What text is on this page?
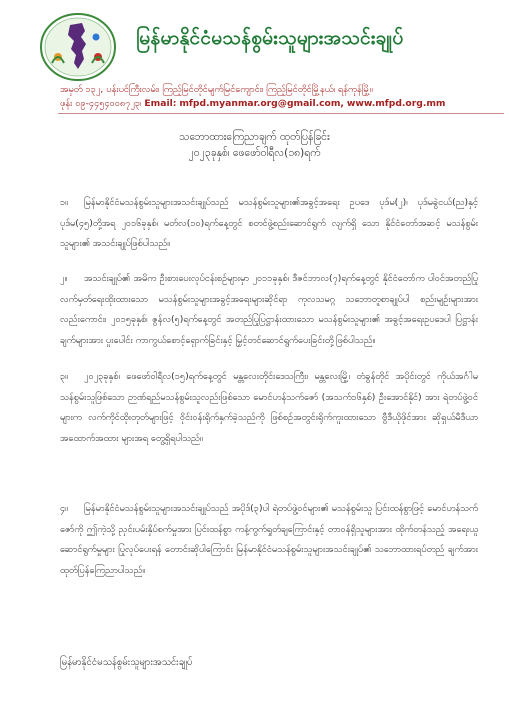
မြန်မာနိုင်ငံမသန်စွမ်းသူများအသင်းချုပ်
အမှတ် ၁၃၂, ပန်းပင်ကြီးလမ်း၊ ကြည့်မြင်တိုင်မျက်မြင်ကျောင်း၊ ကြည့်မြင်တိုင်မြို့နယ်၊ ရန်ကုန်မြို့။
ဖုန်း ၀၉-၄၄၅၄၀၀၈၇၂၃၊ Email: mfpd.myanmar.org@gmail.com, www.mfpd.org.mm
သဘောထားကြေညာချက် ထုတ်ပြန်ခြင်း
၂၀၂၃ခုနှစ်၊ ဖေဖော်ဝါရီလ(၁၈)ရက်
၁။ မြန်မာနိုင်ငံမသန်စွမ်းသူများအသင်းချုပ်သည် မသန်စွမ်းသူများ၏အခွင့်အရေး ဥပဒေ ပုဒ်မ(၂)၊ ပုဒ်မခွဲငယ်(ည)နှင့် ပုဒ်မ(၄၅)တို့အရ ၂၀၁၆ခုနှစ်၊ မတ်လ(၁၀)ရက်နေ့တွင် စတင်ဖွဲ့စည်းဆောင်ရွက် လျက်ရှိ သော နိုင်ငံတော်အဆင့် မသန်စွမ်းသူများ၏ အသင်းချုပ်ဖြစ်ပါသည်။
၂။ အသင်းချုပ်၏ အမိက ဦးစားပေးလုပ်ငန်းစဉ်များမှာ ၂၀၁၁ခုနှစ်၊ ဒီဇင်ဘာလ(၇)ရက်နေ့တွင် နိုင်ငံတော်က ပါဝင်အတည်ပြုလက်မှတ်ရေးထိုးထားသော မသန်စွမ်းသူများအခွင့်အရေးများဆိုင်ရာ ကုလသမဂ္ဂ သဘောတူစာချုပ်ပါ စည်းမျဉ်းများအားလည်းကောင်း၊ ၂၀၁၅ခုနှစ်၊ ဇွန်လ(၅)ရက်နေ့တွင် အတည်ပြုပြဋ္ဌာန်းထားသော မသန်စွမ်းသူများ၏ အခွင့်အရေးဥပဒေပါ ပြဋ္ဌာန်းချက်များအား ပူးပေါင်း ကာကွယ်စောင့်ရှောက်ခြင်းနှင့် မြှင့်တင်ဆောင်ရွက်ပေးခြင်းတို့ဖြစ်ပါသည်။
၃။ ၂၀၂၃ခုနှစ်၊ ဖေဖော်ဝါရီလ(၁၅)ရက်နေ့တွင် မန္တလေးတိုင်းဒေသကြီး၊ မန္တလေးမြို့၊ တံခွန်တိုင် အပိုင်းတွင် ကိုယ်အင်္ဂါမသန်စွမ်းသူဖြစ်သော ဉာဏ်ရည်မသန်စွမ်းသူလည်းဖြစ်သော မောင်ဟန်သက်ဇော် (အသက်၁၆နှစ်) ဦးအောင်နိုင်) အား ရဲတပ်ဖွဲ့ဝင်များက လက်ကိုင်ထိုးတုတ်များဖြင့် ဝိုင်းဝန်းရိုက်နှက်ခဲ့သည်ကို ဖြစ်စဉ်အတွင်းရိုက်ကူးထားသော ဗွီဒီယိုဖိုင်အား ဆိုရှယ်မီဒီယာ အထောက်အထား များအရ တွေ့ရှိရပါသည်။
၄။ မြန်မာနိုင်ငံမသန်စွမ်းသူများအသင်းချုပ်သည် အပိုဒ်(၃)ပါ ရဲတပ်ဖွဲ့ဝင်များ၏ မသန်စွမ်းသူ ပြင်းထန်စွာဖြင့် မောင်ဟန်သက်ဇော်ကို ဤကဲ့သို့ ညှင်းပမ်းနှိပ်စက်မှုအား ပြင်းထန်စွာ ကန့်ကွက်ရှုတ်ချကြောင်းနှင့် တာဝန်ရှိသူများအား ထိုက်တန်သည့် အရေးယူဆောင်ရွက်မှုများ ပြုလုပ်ပေးရန် တောင်းဆိုပါကြောင်း မြန်မာနိုင်ငံမသန်စွမ်းသူများအသင်းချုပ်၏ သဘောထားရပ်တည် ချက်အား ထုတ်ပြန်ကြေညာပါသည်။
မြန်မာနိုင်ငံမသန်စွမ်းသူများအသင်းချုပ်
